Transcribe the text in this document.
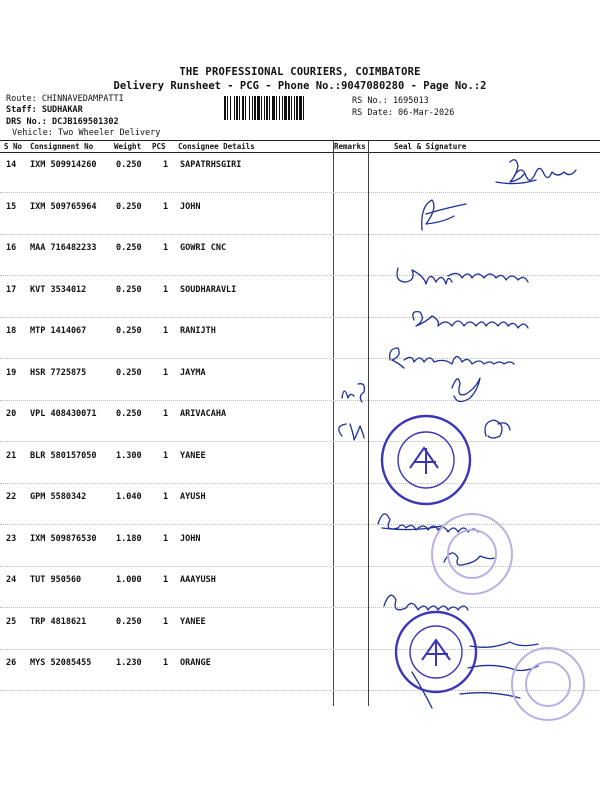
THE PROFESSIONAL COURIERS, COIMBATORE
Delivery Runsheet - PCG - Phone No.:9047080280 - Page No.:2
Route: CHINNAVEDAMPATTI
Staff: SUDHAKAR
DRS No.: DCJB169501302
Vehicle: Two Wheeler Delivery
RS No.: 1695013
RS Date: 06-Mar-2026
S No Consignment No	Weight PCS Consignee Details	Remarks	Seal & Signature
14 IXM 509914260 0.250	1 SAPATRHSGIRI
15 IXM 509765964 0.250	1 JOHN
16 MAA 716482233 0.250	1 GOWRI CNC
17 KVT 3534012	0.250	1 SOUDHARAVLI
18 MTP 1414067	0.250	1 RANIJTH
19 HSR 7725875	0.250	1 JAYMA
20 VPL 408430071 0.250	1 ARIVACAHA
21 BLR 580157050 1.300	1 YANEE
22 GPM 5580342	1.040	1 AYUSH
23 IXM 509876530 1.180	1 JOHN
24 TUT 950560	1.000	1 AAAYUSH
25 TRP 4818621	0.250	1 YANEE
26 MYS 52085455	1.230	1 ORANGE
